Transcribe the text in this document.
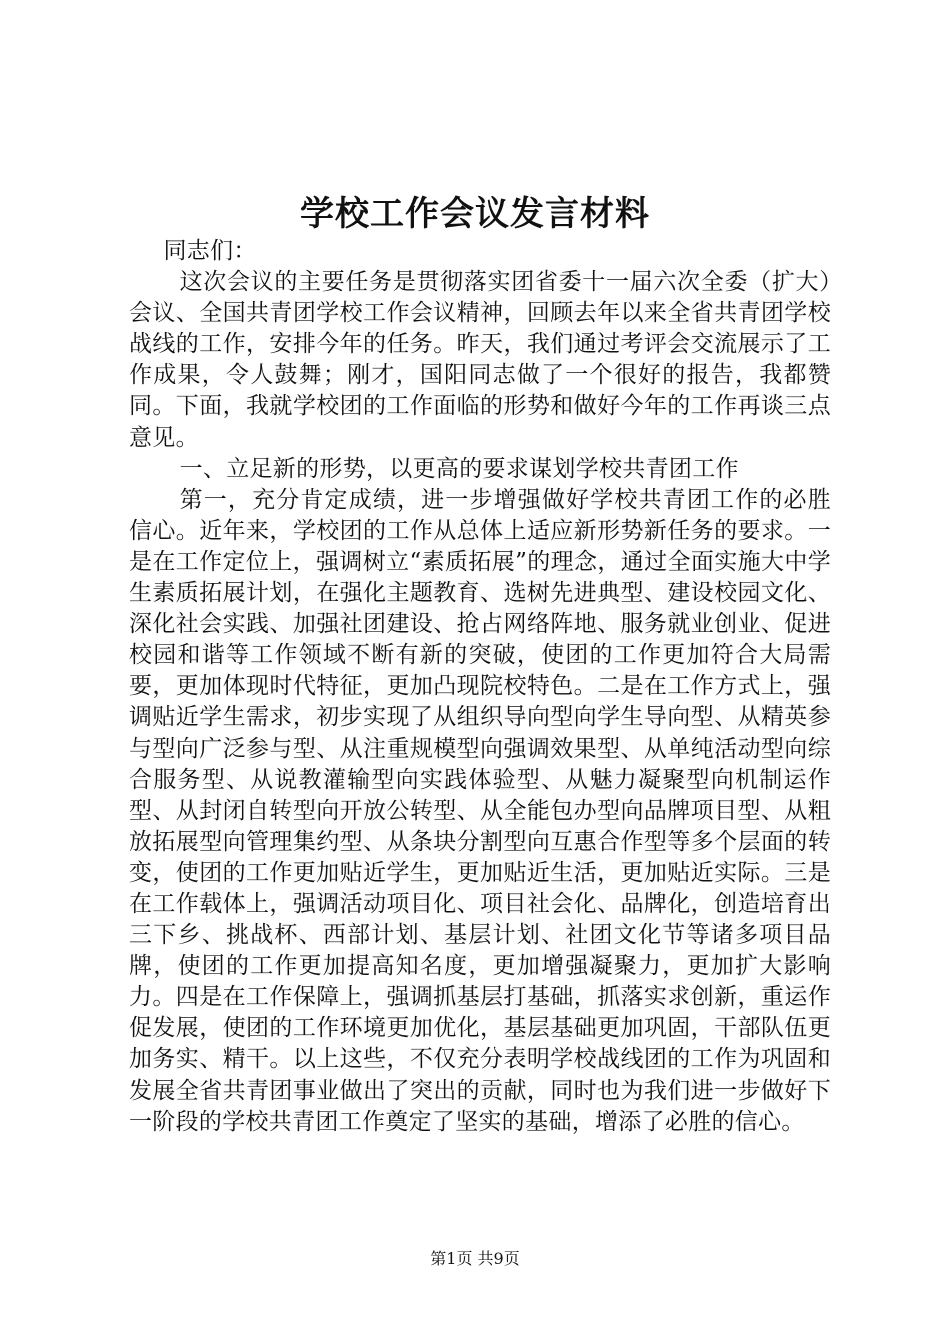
学校工作会议发言材料

同志们：

这次会议的主要任务是贯彻落实团省委十一届六次全委（扩大）会议、全国共青团学校工作会议精神，回顾去年以来全省共青团学校战线的工作，安排今年的任务。昨天，我们通过考评会交流展示了工作成果，令人鼓舞；刚才，国阳同志做了一个很好的报告，我都赞同。下面，我就学校团的工作面临的形势和做好今年的工作再谈三点意见。

一、立足新的形势，以更高的要求谋划学校共青团工作

第一，充分肯定成绩，进一步增强做好学校共青团工作的必胜信心。近年来，学校团的工作从总体上适应新形势新任务的要求。一是在工作定位上，强调树立“素质拓展”的理念，通过全面实施大中学生素质拓展计划，在强化主题教育、选树先进典型、建设校园文化、深化社会实践、加强社团建设、抢占网络阵地、服务就业创业、促进校园和谐等工作领域不断有新的突破，使团的工作更加符合大局需要，更加体现时代特征，更加凸现院校特色。二是在工作方式上，强调贴近学生需求，初步实现了从组织导向型向学生导向型、从精英参与型向广泛参与型、从注重规模型向强调效果型、从单纯活动型向综合服务型、从说教灌输型向实践体验型、从魅力凝聚型向机制运作型、从封闭自转型向开放公转型、从全能包办型向品牌项目型、从粗放拓展型向管理集约型、从条块分割型向互惠合作型等多个层面的转变，使团的工作更加贴近学生，更加贴近生活，更加贴近实际。三是在工作载体上，强调活动项目化、项目社会化、品牌化，创造培育出三下乡、挑战杯、西部计划、基层计划、社团文化节等诸多项目品牌，使团的工作更加提高知名度，更加增强凝聚力，更加扩大影响力。四是在工作保障上，强调抓基层打基础，抓落实求创新，重运作促发展，使团的工作环境更加优化，基层基础更加巩固，干部队伍更加务实、精干。以上这些，不仅充分表明学校战线团的工作为巩固和发展全省共青团事业做出了突出的贡献，同时也为我们进一步做好下一阶段的学校共青团工作奠定了坚实的基础，增添了必胜的信心。

第1页 共9页
